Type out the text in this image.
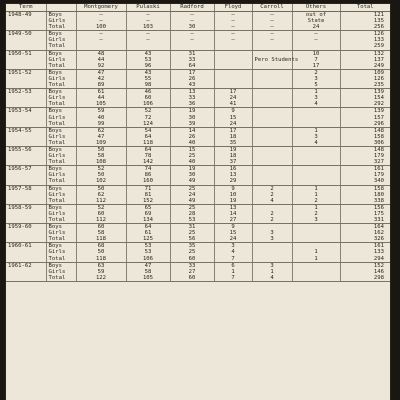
Term		Montgomery	Pulaski	Radford	Floyd	Carroll	Others	Total
1948-49	Boys	—	—	—	—	—	out of	121
	Girls	—	—	—	—	—	State	135
	Total	100	103	30	—	—	24	256
1949-50	Boys	—	—	—	—	—	—	126
	Girls	—	—	—	—	—	—	133
	Total							259
1950-51	Boys	48	43	31			10	132
	Girls	44	53	33		Pero Students	7	137
	Total	92	96	64			17	249
1951-52	Boys	47	43	17			2	109
	Girls	42	55	26			3	126
	Total	89	98	43			5	235
1952-53	Boys	61	46	13	17		1	139
	Girls	44	60	33	24		3	154
	Total	105	106	36	41		4	292
1953-54	Boys	59	52	19	9			139
	Girls	40	72	30	15			157
	Total	99	124	39	24			296
1954-55	Boys	62	54	14	17		1	148
	Girls	47	64	26	18		3	158
	Total	109	118	40	35		4	306
1955-56	Boys	50	64	15	19			148
	Girls	58	78	25	18			179
	Total	108	142	40	37			327
1956-57	Boys	52	74	19	16			161
	Girls	50	86	30	13			179
	Total	102	160	49	29			340
1957-58	Boys	50	71	25	9	2	1	158
	Girls	62	81	24	10	2	1	180
	Total	112	152	49	19	4	2	338
1958-59	Boys	52	65	25	13		1	156
	Girls	60	69	28	14	2	2	175
	Total	112	134	53	27	2	3	331
1959-60	Boys	60	64	31	9			164
	Girls	58	61	25	15	3		162
	Total	118	125	56	24	3		326
1960-61	Boys	68	53	35	3			161
	Girls	50	53	25	4		1	133
	Total	118	106	60	7		1	294
1961-62	Boys	63	47	33	6	3		152
	Girls	59	58	27	1	1		146
	Total	122	105	60	7	4		298
